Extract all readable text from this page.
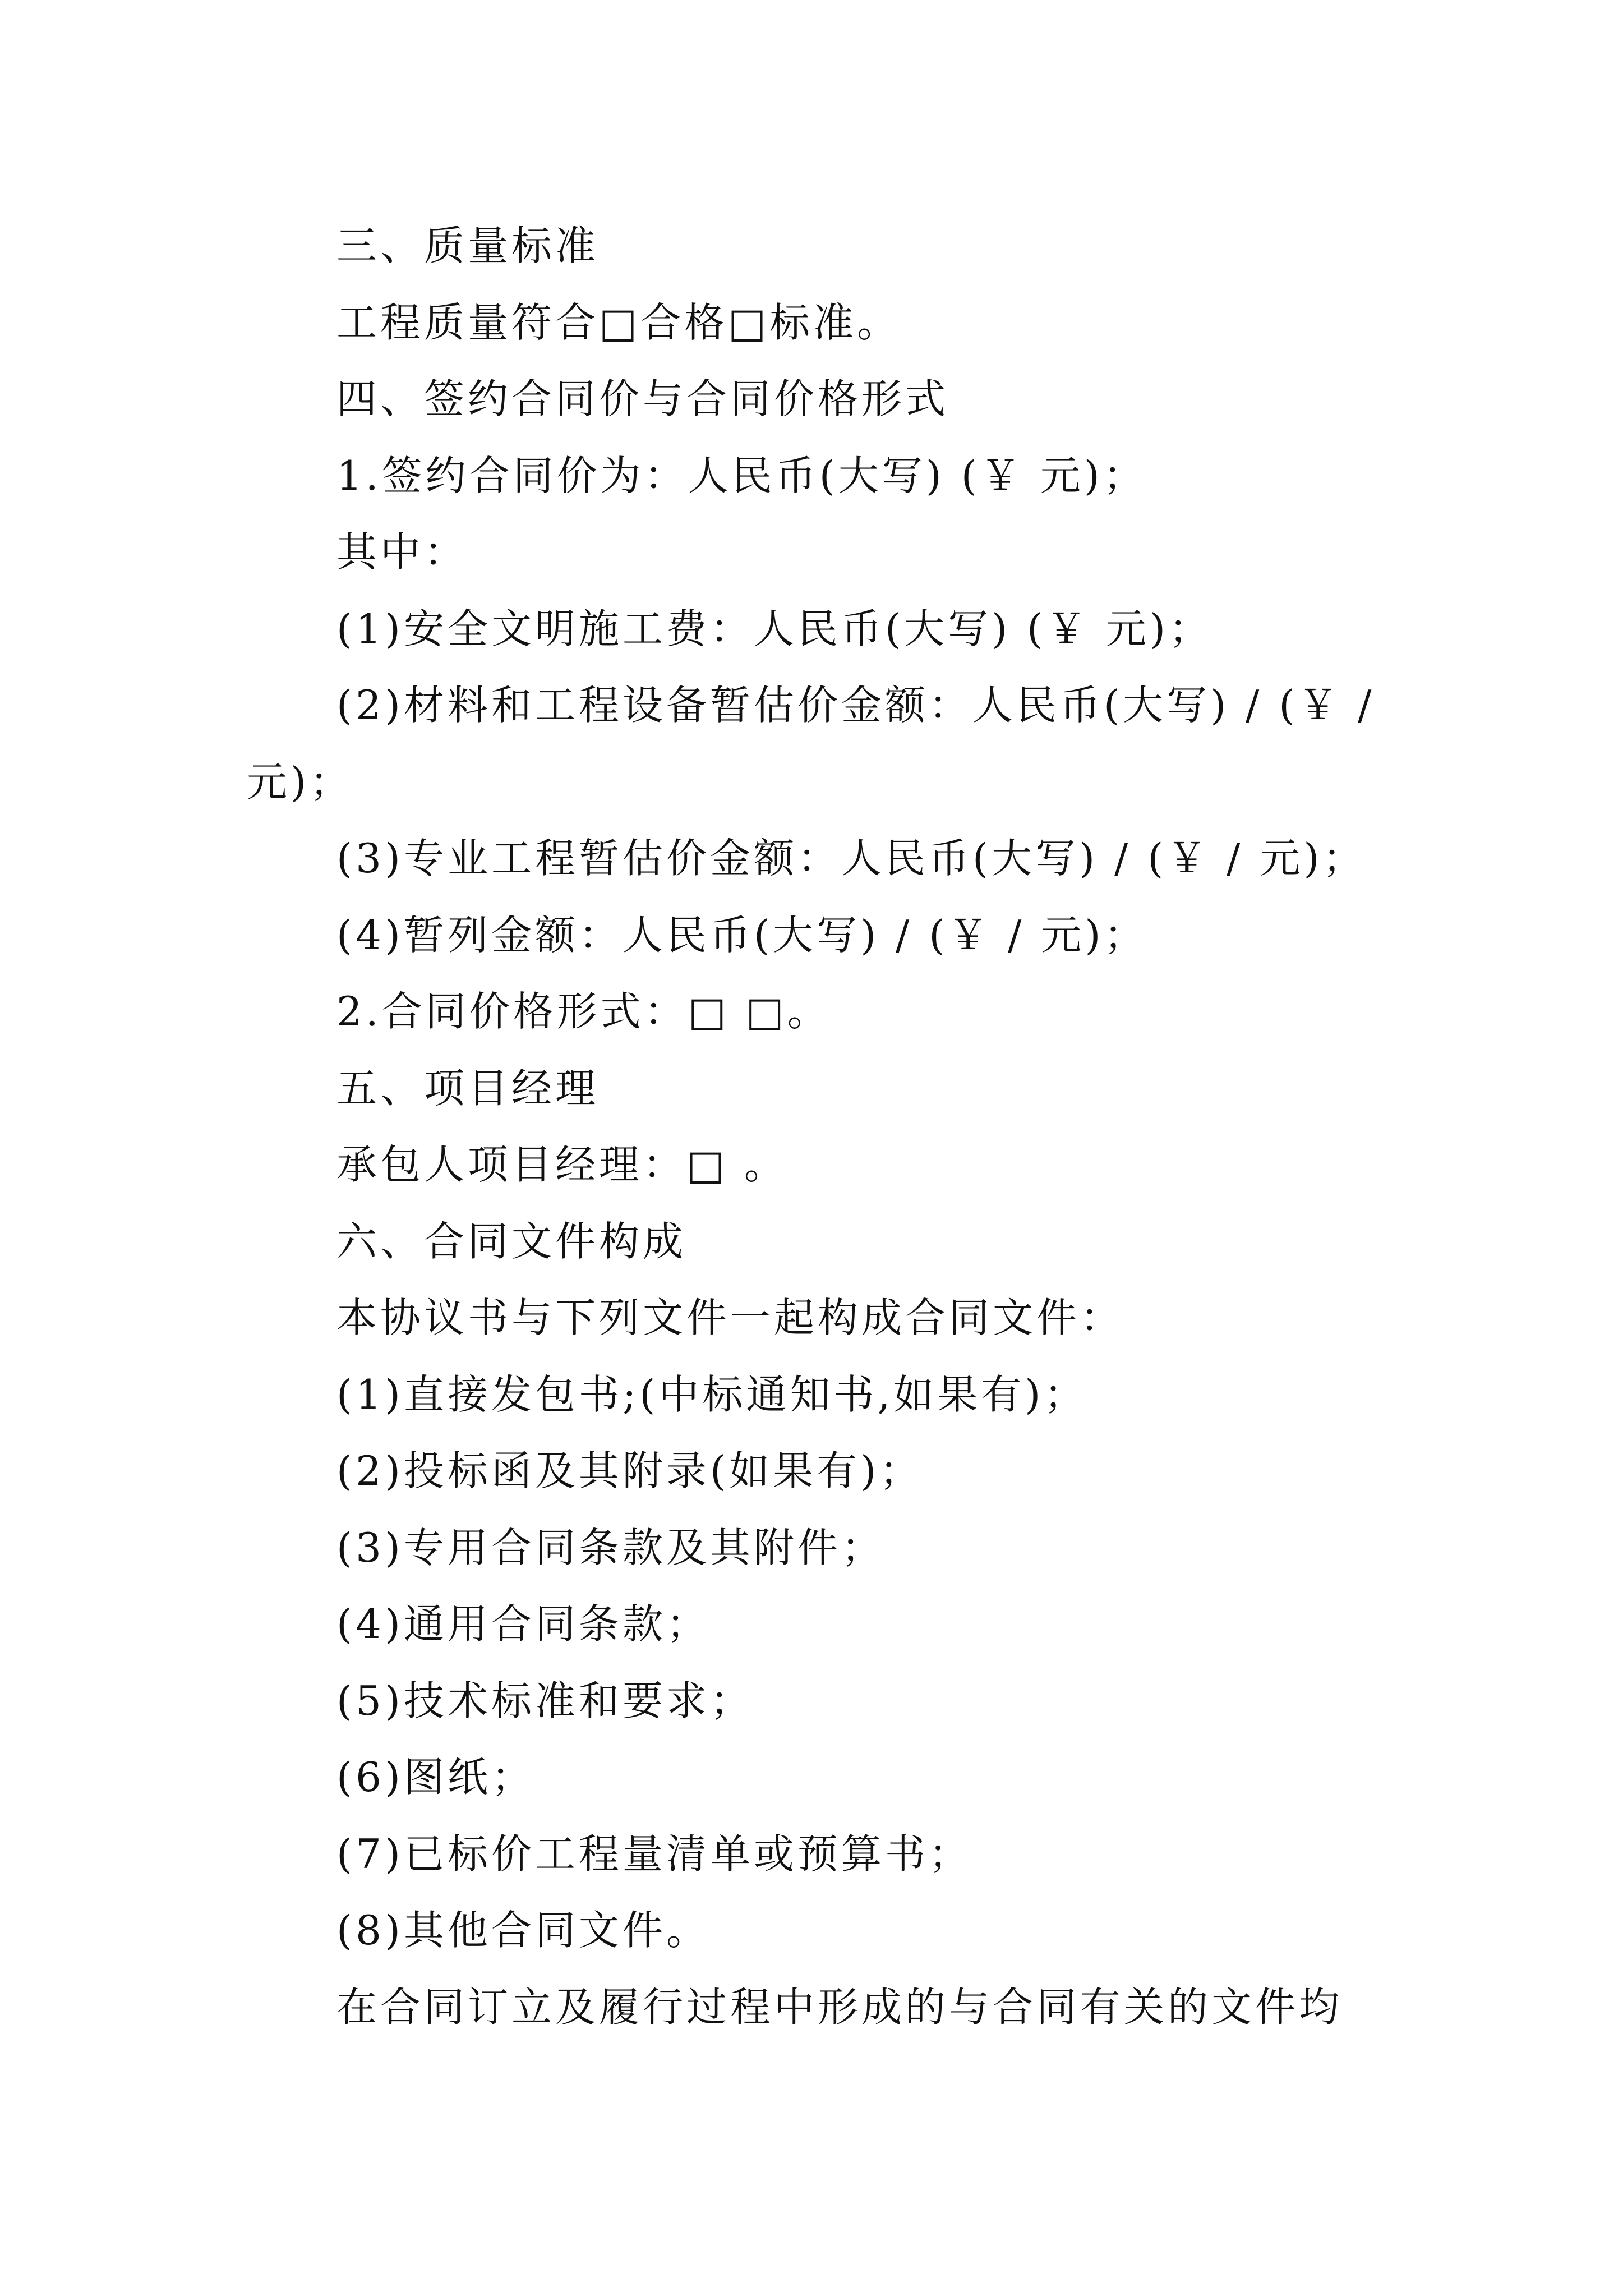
三、质量标准
工程质量符合□合格□标准。
四、签约合同价与合同价格形式
1.签约合同价为：人民币(大写) (￥ 元)；
其中：
(1)安全文明施工费：人民币(大写) (￥ 元)；
(2)材料和工程设备暂估价金额：人民币(大写) / (￥ /
元)；
(3)专业工程暂估价金额：人民币(大写) / (￥ / 元)；
(4)暂列金额：人民币(大写) / (￥ / 元)；
2.合同价格形式：□ □。
五、项目经理
承包人项目经理：□ 。
六、合同文件构成
本协议书与下列文件一起构成合同文件：
(1)直接发包书;(中标通知书,如果有)；
(2)投标函及其附录(如果有)；
(3)专用合同条款及其附件；
(4)通用合同条款；
(5)技术标准和要求；
(6)图纸；
(7)已标价工程量清单或预算书；
(8)其他合同文件。
在合同订立及履行过程中形成的与合同有关的文件均
